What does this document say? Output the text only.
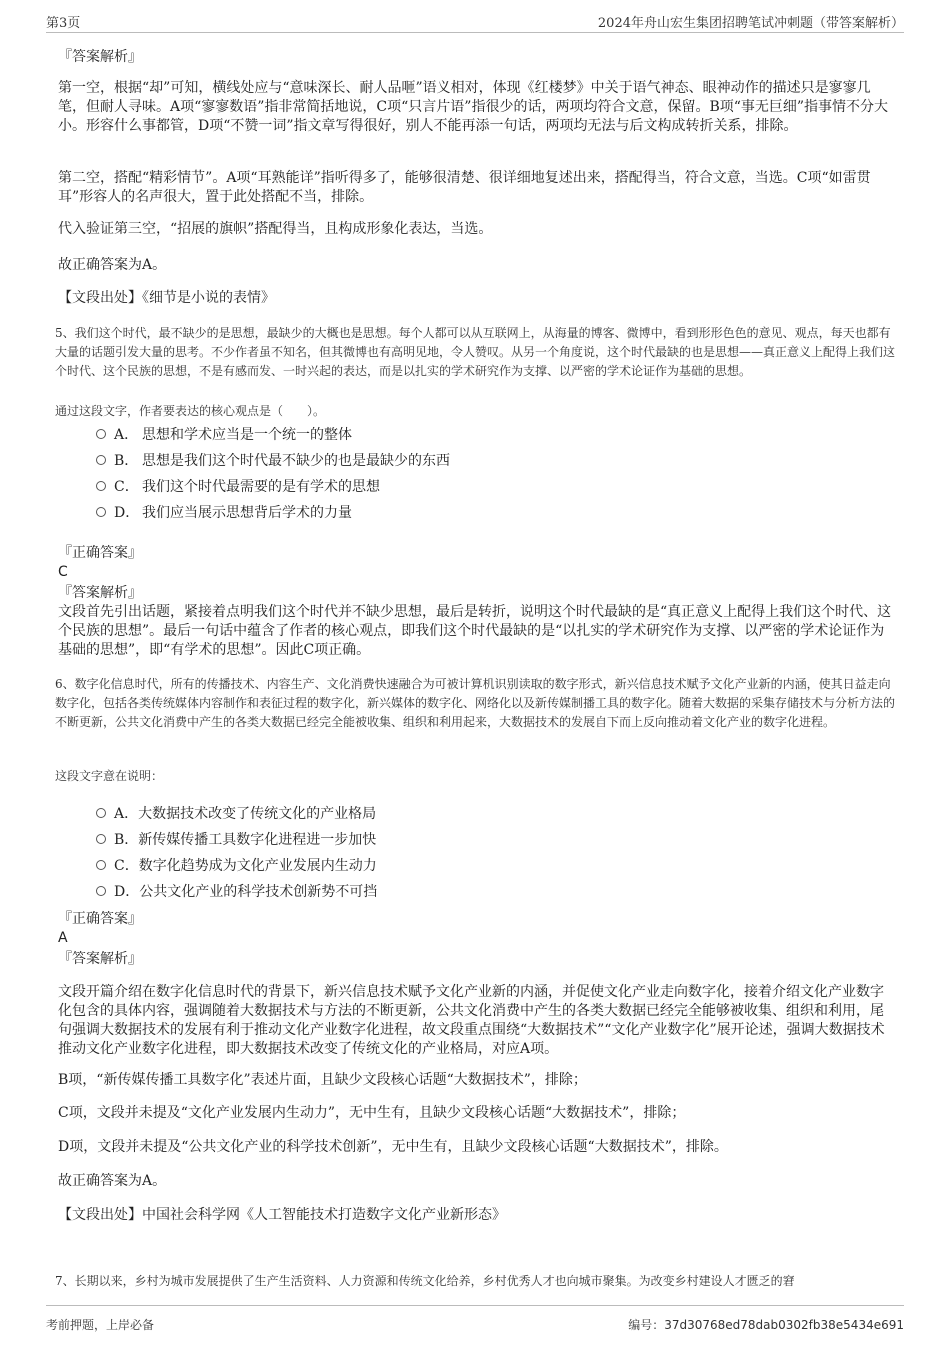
第3页	2024年舟山宏生集团招聘笔试冲刺题（带答案解析）
『答案解析』
第一空，根据“却”可知，横线处应与“意味深长、耐人品咂”语义相对，体现《红楼梦》中关于语气神态、眼神动作的描述只是寥寥几笔，但耐人寻味。A项“寥寥数语”指非常简括地说，C项“只言片语”指很少的话，两项均符合文意，保留。B项“事无巨细”指事情不分大小。形容什么事都管，D项“不赞一词”指文章写得很好，别人不能再添一句话，两项均无法与后文构成转折关系，排除。
第二空，搭配“精彩情节”。A项“耳熟能详”指听得多了，能够很清楚、很详细地复述出来，搭配得当，符合文意，当选。C项“如雷贯耳”形容人的名声很大，置于此处搭配不当，排除。
代入验证第三空，“招展的旗帜”搭配得当，且构成形象化表达，当选。
故正确答案为A。
【文段出处】《细节是小说的表情》
5、我们这个时代，最不缺少的是思想，最缺少的大概也是思想。每个人都可以从互联网上，从海量的博客、微博中，看到形形色色的意见、观点，每天也都有大量的话题引发大量的思考。不少作者虽不知名，但其微博也有高明见地，令人赞叹。从另一个角度说，这个时代最缺的也是思想——真正意义上配得上我们这个时代、这个民族的思想，不是有感而发、一时兴起的表达，而是以扎实的学术研究作为支撑、以严密的学术论证作为基础的思想。
通过这段文字，作者要表达的核心观点是（　　）。
A． 思想和学术应当是一个统一的整体
B． 思想是我们这个时代最不缺少的也是最缺少的东西
C． 我们这个时代最需要的是有学术的思想
D． 我们应当展示思想背后学术的力量
『正确答案』
C
『答案解析』
文段首先引出话题，紧接着点明我们这个时代并不缺少思想，最后是转折，说明这个时代最缺的是“真正意义上配得上我们这个时代、这个民族的思想”。最后一句话中蕴含了作者的核心观点，即我们这个时代最缺的是“以扎实的学术研究作为支撑、以严密的学术论证作为基础的思想”，即“有学术的思想”。因此C项正确。
6、数字化信息时代，所有的传播技术、内容生产、文化消费快速融合为可被计算机识别读取的数字形式，新兴信息技术赋予文化产业新的内涵，使其日益走向数字化，包括各类传统媒体内容制作和表征过程的数字化，新兴媒体的数字化、网络化以及新传媒制播工具的数字化。随着大数据的采集存储技术与分析方法的不断更新，公共文化消费中产生的各类大数据已经完全能被收集、组织和利用起来，大数据技术的发展自下而上反向推动着文化产业的数字化进程。
这段文字意在说明：
A．大数据技术改变了传统文化的产业格局
B．新传媒传播工具数字化进程进一步加快
C．数字化趋势成为文化产业发展内生动力
D．公共文化产业的科学技术创新势不可挡
『正确答案』
A
『答案解析』
文段开篇介绍在数字化信息时代的背景下，新兴信息技术赋予文化产业新的内涵，并促使文化产业走向数字化，接着介绍文化产业数字化包含的具体内容，强调随着大数据技术与方法的不断更新，公共文化消费中产生的各类大数据已经完全能够被收集、组织和利用，尾句强调大数据技术的发展有利于推动文化产业数字化进程，故文段重点围绕“大数据技术”“文化产业数字化”展开论述，强调大数据技术推动文化产业数字化进程，即大数据技术改变了传统文化的产业格局，对应A项。
B项，“新传媒传播工具数字化”表述片面，且缺少文段核心话题“大数据技术”，排除；
C项，文段并未提及“文化产业发展内生动力”，无中生有，且缺少文段核心话题“大数据技术”，排除；
D项，文段并未提及“公共文化产业的科学技术创新”，无中生有，且缺少文段核心话题“大数据技术”，排除。
故正确答案为A。
【文段出处】中国社会科学网《人工智能技术打造数字文化产业新形态》
7、长期以来，乡村为城市发展提供了生产生活资料、人力资源和传统文化给养，乡村优秀人才也向城市聚集。为改变乡村建设人才匮乏的窘
考前押题，上岸必备	编号：37d30768ed78dab0302fb38e5434e691
